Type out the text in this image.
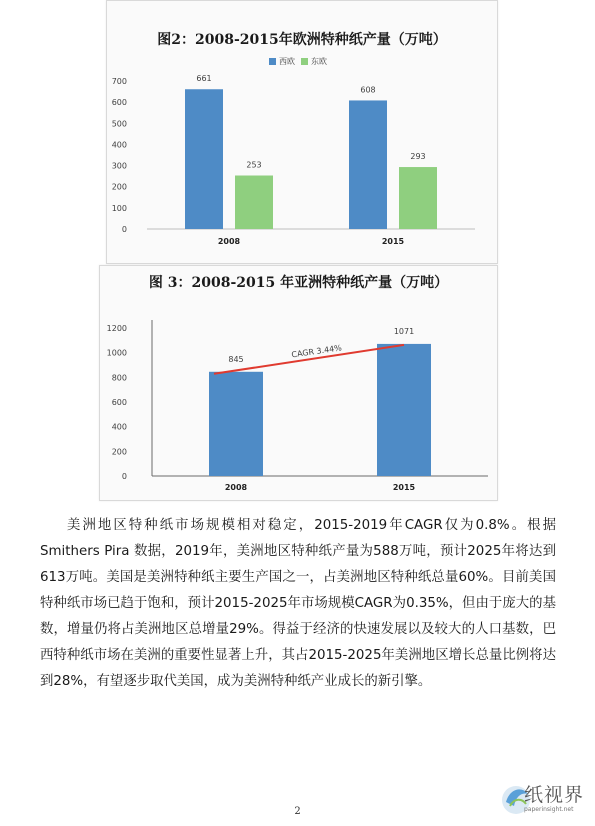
图2：2008-2015年欧洲特种纸产量（万吨）
西欧 东欧
0
100
200
300
400
500
600
700	661
253
2008
608
293
2015
图 3：2008-2015 年亚洲特种纸产量（万吨）
0
200
400
600
800
1000
1200
845
2008
1071
2015
CAGR 3.44%

美洲地区特种纸市场规模相对稳定，2015-2019年CAGR仅为0.8%。根据Smithers Pira 数据，2019年，美洲地区特种纸产量为588万吨，预计2025年将达到613万吨。美国是美洲特种纸主要生产国之一，占美洲地区特种纸总量60%。目前美国特种纸市场已趋于饱和，预计2015-2025年市场规模CAGR为0.35%，但由于庞大的基数，增量仍将占美洲地区总增量29%。得益于经济的快速发展以及较大的人口基数，巴西特种纸市场在美洲的重要性显著上升，其占2015-2025年美洲地区增长总量比例将达到28%，有望逐步取代美国，成为美洲特种纸产业成长的新引擎。

2
纸视界
paperinsight.net
